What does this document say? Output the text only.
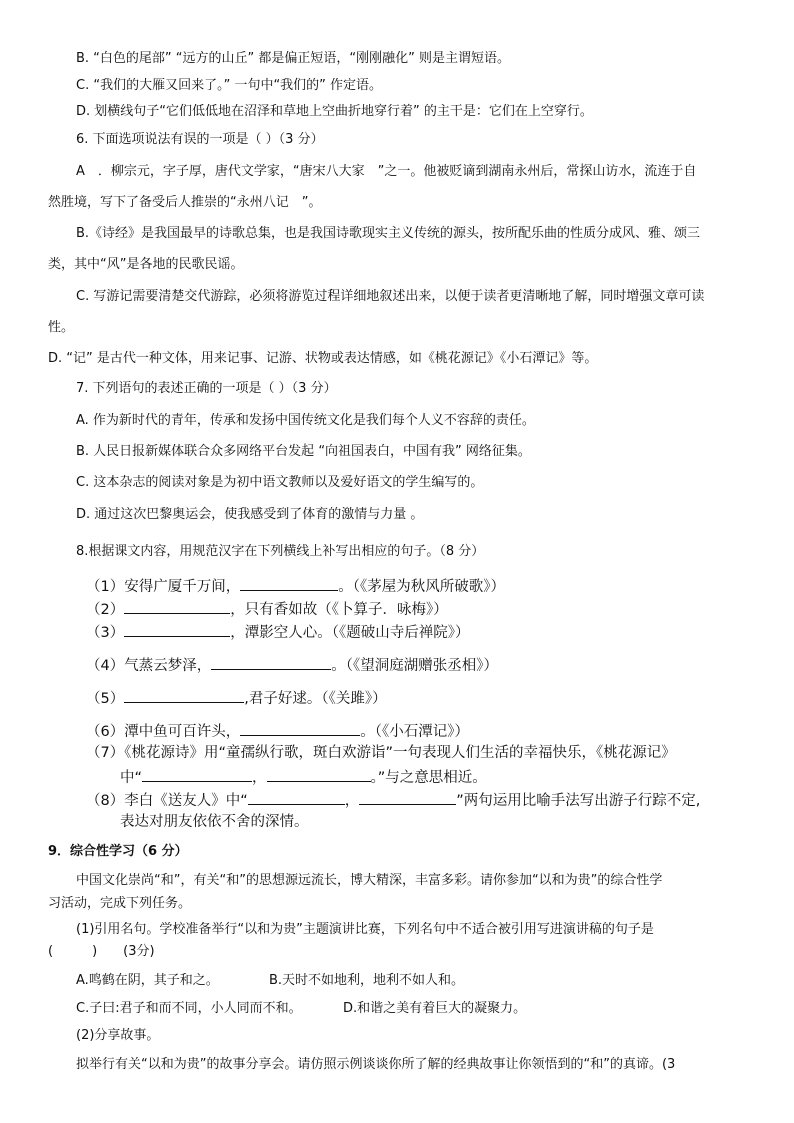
B. “白色的尾部” “远方的山丘” 都是偏正短语，“刚刚融化” 则是主谓短语。
C. “我们的大雁又回来了。” 一句中“我们的” 作定语。
D. 划横线句子“它们低低地在沼泽和草地上空曲折地穿行着” 的主干是：它们在上空穿行。
6. 下面选项说法有误的一项是（ ）（3 分）
A　．柳宗元，字子厚，唐代文学家，“唐宋八大家　”之一。他被贬谪到湖南永州后，常探山访水，流连于自
然胜境，写下了备受后人推崇的“永州八记　”。
B.《诗经》是我国最早的诗歌总集，也是我国诗歌现实主义传统的源头，按所配乐曲的性质分成风、雅、颂三
类，其中“风”是各地的民歌民谣。
C. 写游记需要清楚交代游踪，必须将游览过程详细地叙述出来，以便于读者更清晰地了解，同时增强文章可读
性。
D. “记” 是古代一种文体，用来记事、记游、状物或表达情感，如《桃花源记》《小石潭记》等。
7. 下列语句的表述正确的一项是（ ）（3 分）
A. 作为新时代的青年，传承和发扬中国传统文化是我们每个人义不容辞的责任。
B. 人民日报新媒体联合众多网络平台发起 “向祖国表白，中国有我” 网络征集。
C. 这本杂志的阅读对象是为初中语文教师以及爱好语文的学生编写的。
D. 通过这次巴黎奥运会，使我感受到了体育的激情与力量 。
8.根据课文内容，用规范汉字在下列横线上补写出相应的句子。（8 分）
（1）安得广厦千万间，	。（《茅屋为秋风所破歌》）
（2）	，只有香如故（《卜算子．咏梅》）
（3）	，潭影空人心。（《题破山寺后禅院》）
（4）气蒸云梦泽，	。（《望洞庭湖赠张丞相》）
（5）	,君子好逑。（《关雎》）
（6）潭中鱼可百许头，	。（《小石潭记》）
（7）《桃花源诗》用“童孺纵行歌，斑白欢游诣”一句表现人们生活的幸福快乐，《桃花源记》
中“	，	。”与之意思相近。
（8）李白《送友人》中“	，	”两句运用比喻手法写出游子行踪不定,
表达对朋友依依不舍的深情。
9．综合性学习（6 分）
中国文化崇尚“和”，有关“和”的思想源远流长，博大精深，丰富多彩。请你参加“以和为贵”的综合性学
习活动，完成下列任务。
(1)引用名句。学校准备举行“以和为贵”主题演讲比赛，下列名句中不适合被引用写进演讲稿的句子是
(　　　)　　(3分)
A.鸣鹤在阴，其子和之。	B.天时不如地利，地利不如人和。
C.子曰:君子和而不同，小人同而不和。	D.和谐之美有着巨大的凝聚力。
(2)分享故事。
拟举行有关“以和为贵”的故事分享会。请仿照示例谈谈你所了解的经典故事让你领悟到的“和”的真谛。(3
